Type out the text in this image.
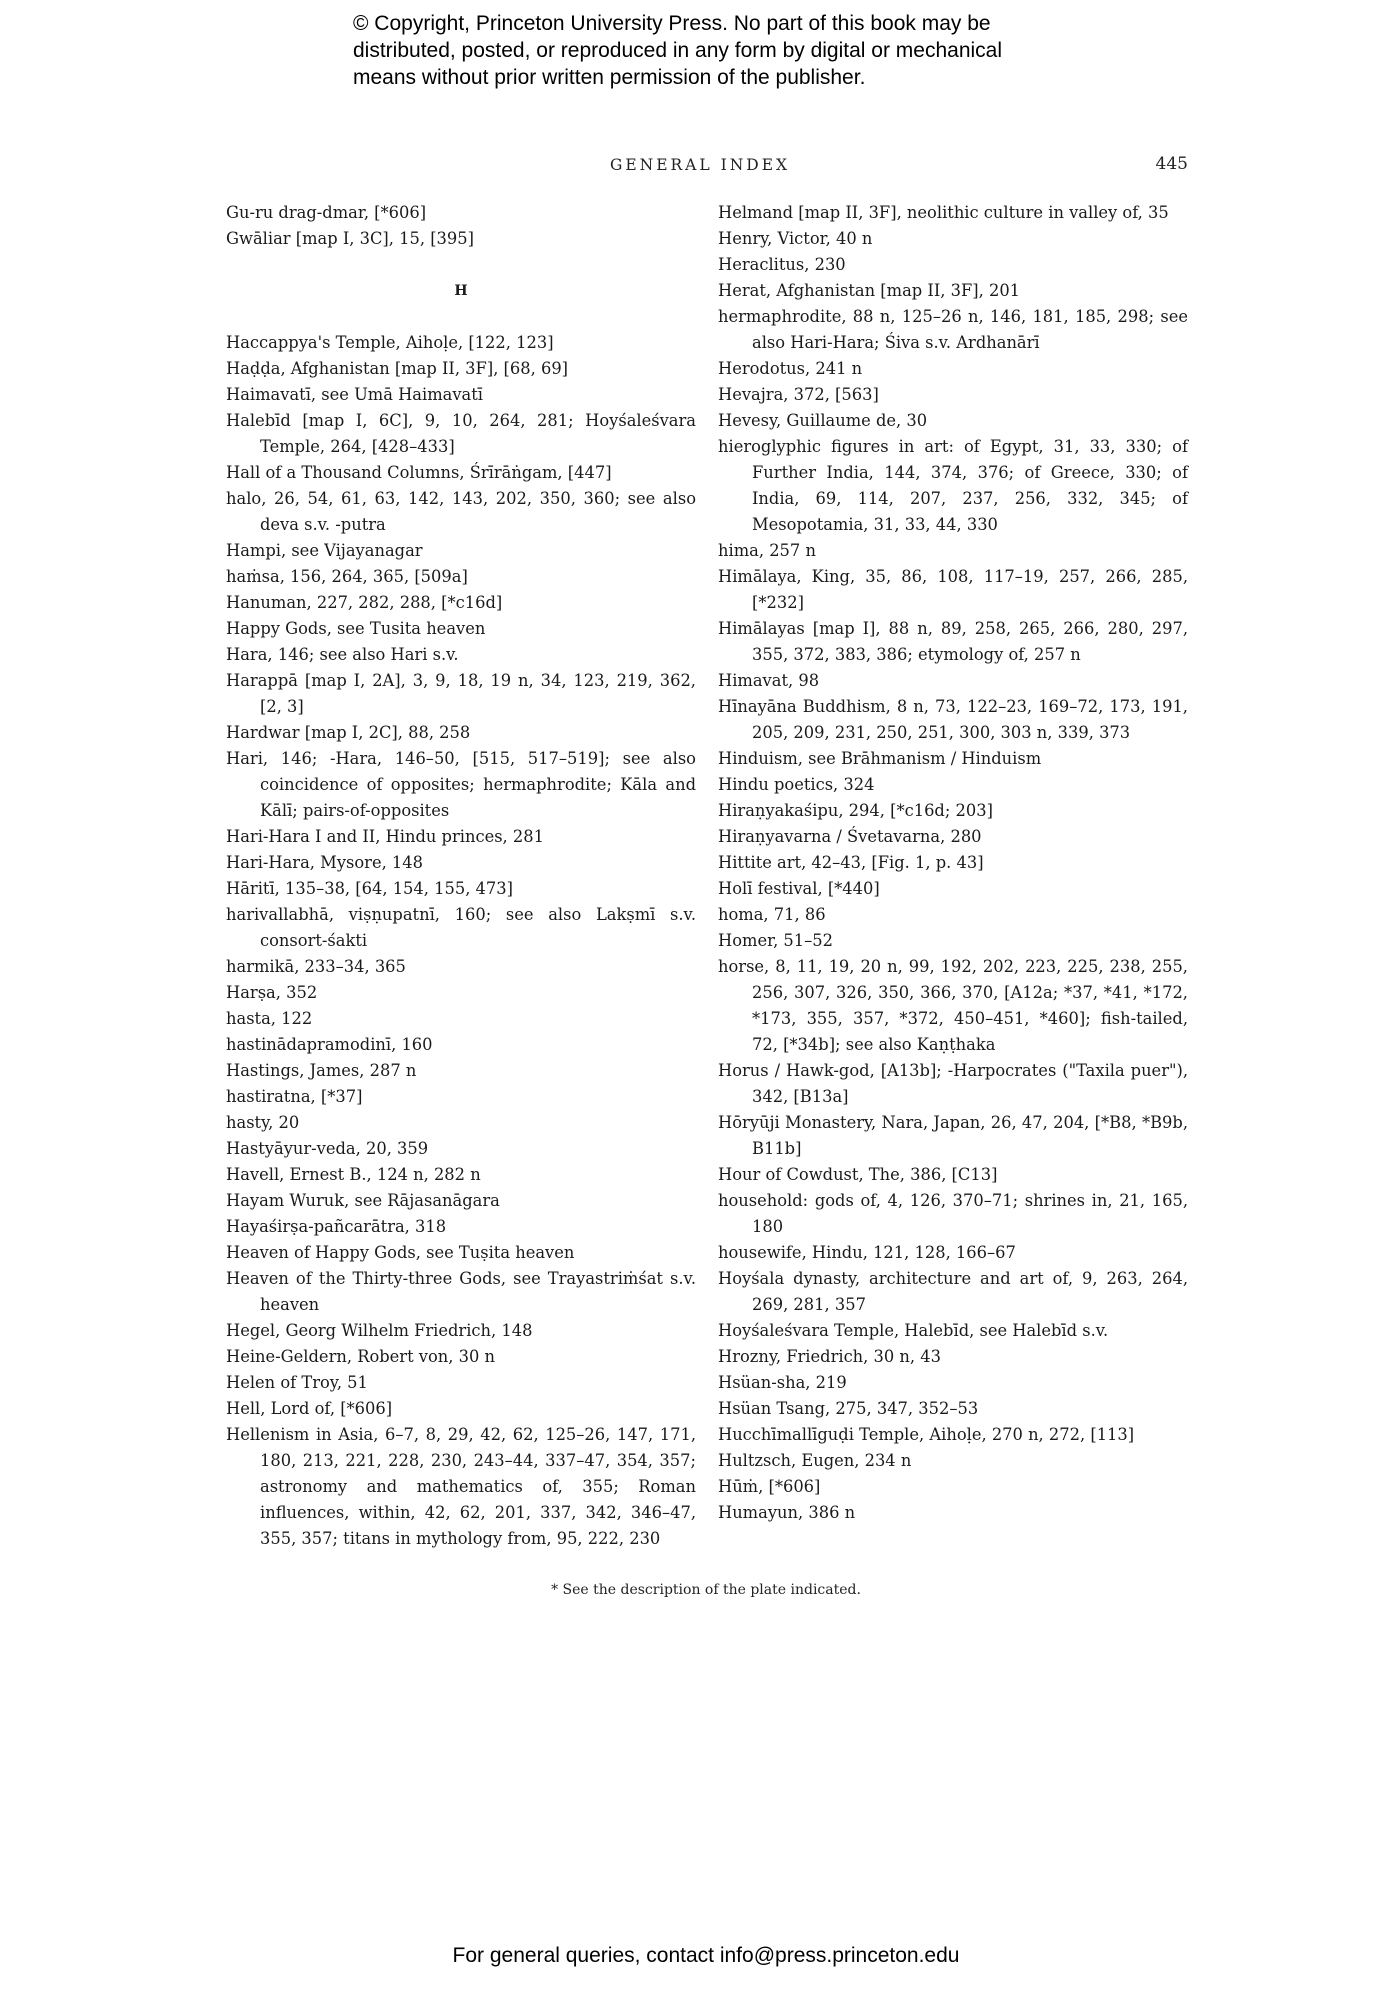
© Copyright, Princeton University Press. No part of this book may be
distributed, posted, or reproduced in any form by digital or mechanical
means without prior written permission of the publisher.
GENERAL INDEX	445
Gu-ru drag-dmar, [*606]
Gwāliar [map I, 3C], 15, [395]
H
Haccappya's Temple, Aihoḷe, [122, 123]
Haḍḍa, Afghanistan [map II, 3F], [68, 69]
Haimavatī, see Umā Haimavatī
Halebīd [map I, 6C], 9, 10, 264, 281; Hoyśaleśvara Temple, 264, [428–433]
Hall of a Thousand Columns, Śrīrāṅgam, [447]
halo, 26, 54, 61, 63, 142, 143, 202, 350, 360; see also deva s.v. -putra
Hampi, see Vijayanagar
haṁsa, 156, 264, 365, [509a]
Hanuman, 227, 282, 288, [*c16d]
Happy Gods, see Tusita heaven
Hara, 146; see also Hari s.v.
Harappā [map I, 2A], 3, 9, 18, 19 n, 34, 123, 219, 362, [2, 3]
Hardwar [map I, 2C], 88, 258
Hari, 146; -Hara, 146–50, [515, 517–519]; see also coincidence of opposites; hermaphrodite; Kāla and Kālī; pairs-of-opposites
Hari-Hara I and II, Hindu princes, 281
Hari-Hara, Mysore, 148
Hāritī, 135–38, [64, 154, 155, 473]
harivallabhā, viṣṇupatnī, 160; see also Lakṣmī s.v. consort-śakti
harmikā, 233–34, 365
Harṣa, 352
hasta, 122
hastinādapramodinī, 160
Hastings, James, 287 n
hastiratna, [*37]
hasty, 20
Hastyāyur-veda, 20, 359
Havell, Ernest B., 124 n, 282 n
Hayam Wuruk, see Rājasanāgara
Hayaśirṣa-pañcarātra, 318
Heaven of Happy Gods, see Tuṣita heaven
Heaven of the Thirty-three Gods, see Trayastriṁśat s.v. heaven
Hegel, Georg Wilhelm Friedrich, 148
Heine-Geldern, Robert von, 30 n
Helen of Troy, 51
Hell, Lord of, [*606]
Hellenism in Asia, 6–7, 8, 29, 42, 62, 125–26, 147, 171, 180, 213, 221, 228, 230, 243–44, 337–47, 354, 357; astronomy and mathematics of, 355; Roman influences, within, 42, 62, 201, 337, 342, 346–47, 355, 357; titans in mythology from, 95, 222, 230
Helmand [map II, 3F], neolithic culture in valley of, 35
Henry, Victor, 40 n
Heraclitus, 230
Herat, Afghanistan [map II, 3F], 201
hermaphrodite, 88 n, 125–26 n, 146, 181, 185, 298; see also Hari-Hara; Śiva s.v. Ardhanārī
Herodotus, 241 n
Hevajra, 372, [563]
Hevesy, Guillaume de, 30
hieroglyphic figures in art: of Egypt, 31, 33, 330; of Further India, 144, 374, 376; of Greece, 330; of India, 69, 114, 207, 237, 256, 332, 345; of Mesopotamia, 31, 33, 44, 330
hima, 257 n
Himālaya, King, 35, 86, 108, 117–19, 257, 266, 285, [*232]
Himālayas [map I], 88 n, 89, 258, 265, 266, 280, 297, 355, 372, 383, 386; etymology of, 257 n
Himavat, 98
Hīnayāna Buddhism, 8 n, 73, 122–23, 169–72, 173, 191, 205, 209, 231, 250, 251, 300, 303 n, 339, 373
Hinduism, see Brāhmanism / Hinduism
Hindu poetics, 324
Hiraṇyakaśipu, 294, [*c16d; 203]
Hiraṇyavarna / Śvetavarna, 280
Hittite art, 42–43, [Fig. 1, p. 43]
Holī festival, [*440]
homa, 71, 86
Homer, 51–52
horse, 8, 11, 19, 20 n, 99, 192, 202, 223, 225, 238, 255, 256, 307, 326, 350, 366, 370, [A12a; *37, *41, *172, *173, 355, 357, *372, 450–451, *460]; fish-tailed, 72, [*34b]; see also Kaṇṭhaka
Horus / Hawk-god, [A13b]; -Harpocrates ("Taxila puer"), 342, [B13a]
Hōryūji Monastery, Nara, Japan, 26, 47, 204, [*B8, *B9b, B11b]
Hour of Cowdust, The, 386, [C13]
household: gods of, 4, 126, 370–71; shrines in, 21, 165, 180
housewife, Hindu, 121, 128, 166–67
Hoyśala dynasty, architecture and art of, 9, 263, 264, 269, 281, 357
Hoyśaleśvara Temple, Halebīd, see Halebīd s.v.
Hrozny, Friedrich, 30 n, 43
Hsüan-sha, 219
Hsüan Tsang, 275, 347, 352–53
Hucchīmallīguḍi Temple, Aihoḷe, 270 n, 272, [113]
Hultzsch, Eugen, 234 n
Hūṁ, [*606]
Humayun, 386 n
* See the description of the plate indicated.
For general queries, contact info@press.princeton.edu
